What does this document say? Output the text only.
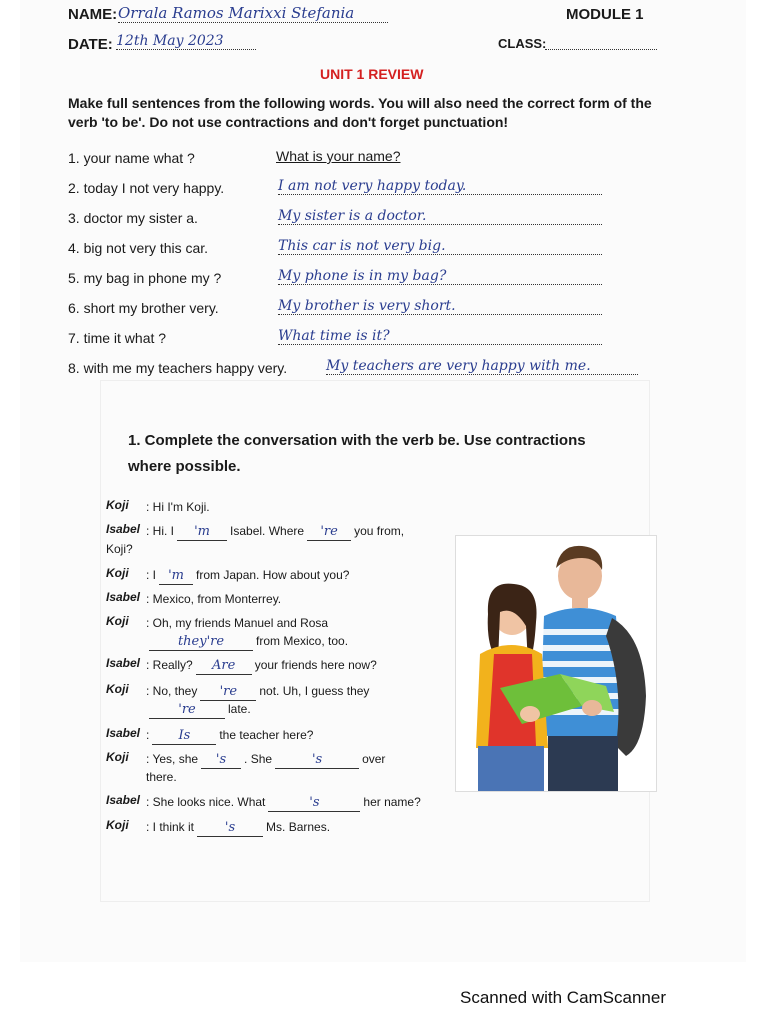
NAME: Orrala Ramos Marixxi Stefania	MODULE 1
DATE: 12th May 2023	CLASS:
UNIT 1 REVIEW
Make full sentences from the following words. You will also need the correct form of the verb 'to be'. Do not use contractions and don't forget punctuation!
1. your name what ?	What is your name?
2. today I not very happy.	I am not very happy today.
3. doctor my sister a.	My sister is a doctor.
4. big not very this car.	This car is not very big.
5. my bag in phone my ?	My phone is in my bag?
6. short my brother very.	My brother is very short.
7. time it what ?	What time is it?
8. with me my teachers happy very.	My teachers are very happy with me.
1. Complete the conversation with the verb be. Use contractions where possible.
Koji : Hi I'm Koji.
Isabel : Hi. I 'm Isabel. Where 're you from,
Koji?
Koji : I 'm from Japan. How about you?
Isabel : Mexico, from Monterrey.
Koji : Oh, my friends Manuel and Rosa
they're	from Mexico, too.
Isabel : Really? Are your friends here now?
Koji : No, they 're not. Uh, I guess they
're	late.
Isabel : Is the teacher here?
Koji : Yes, she 's . She	's	over
there.
Isabel : She looks nice. What	's	her name?
Koji : I think it 's	Ms. Barnes.
Scanned with CamScanner
